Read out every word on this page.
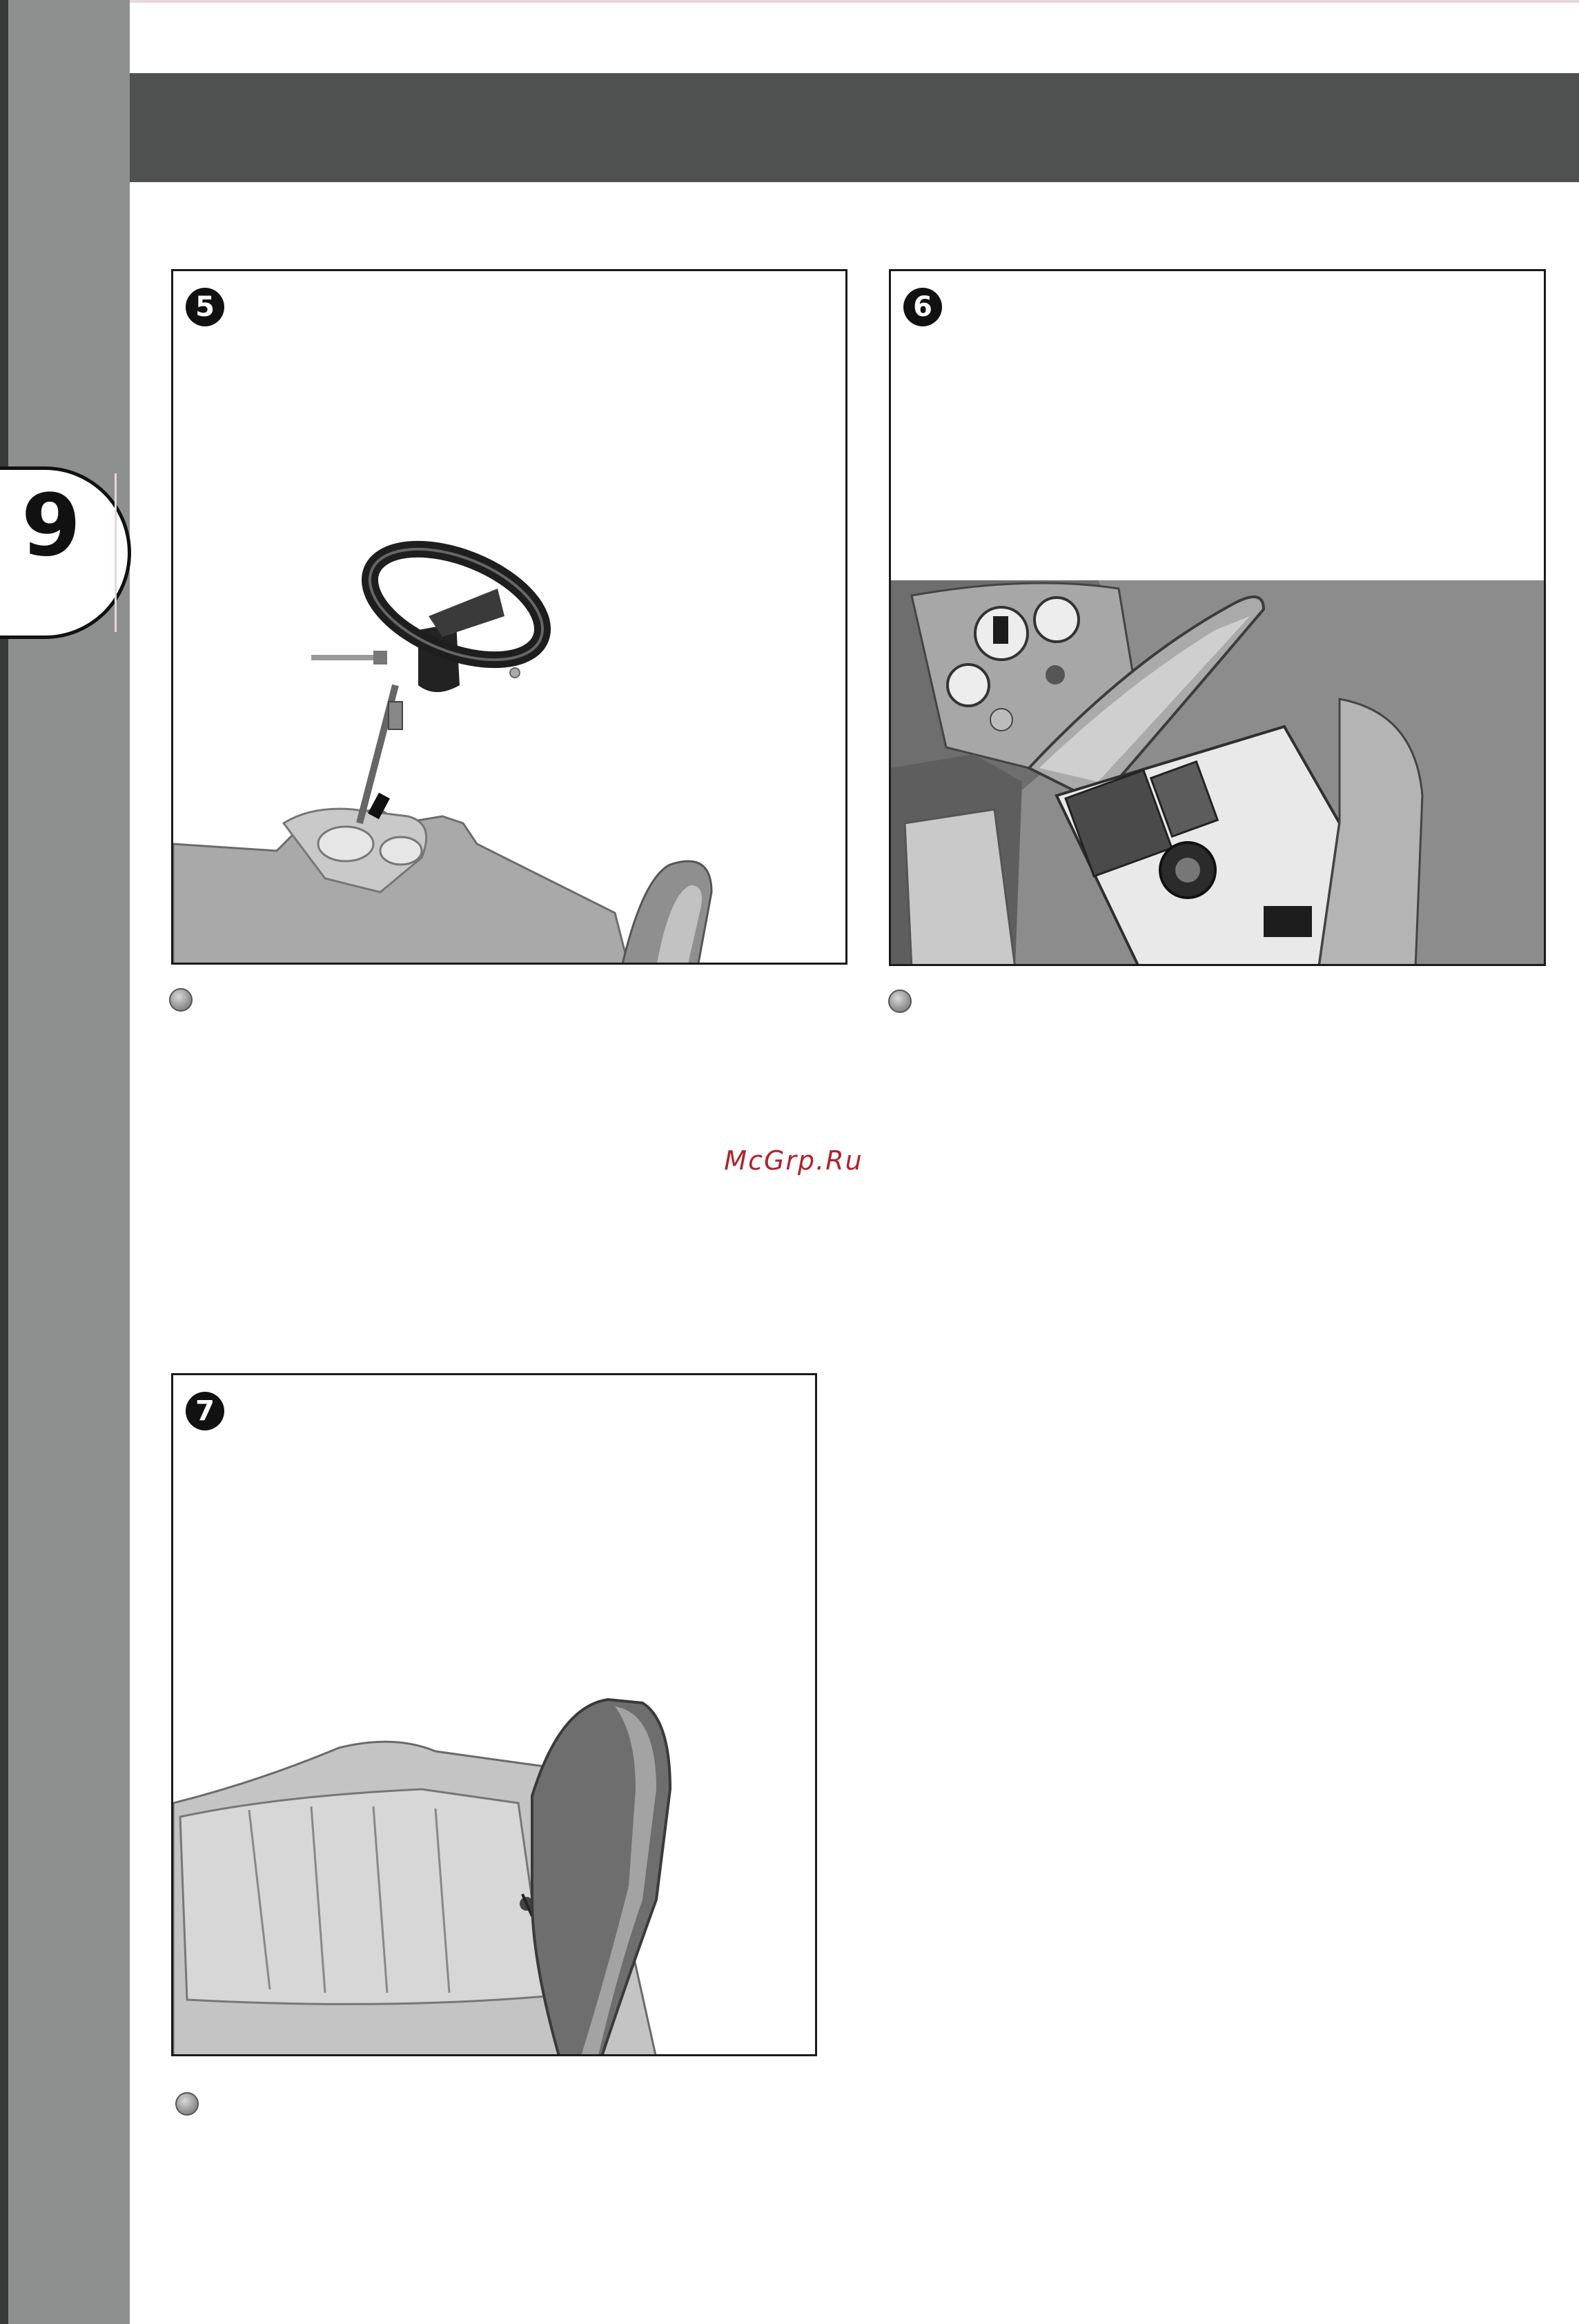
9
5	6
McGrp.Ru
7
